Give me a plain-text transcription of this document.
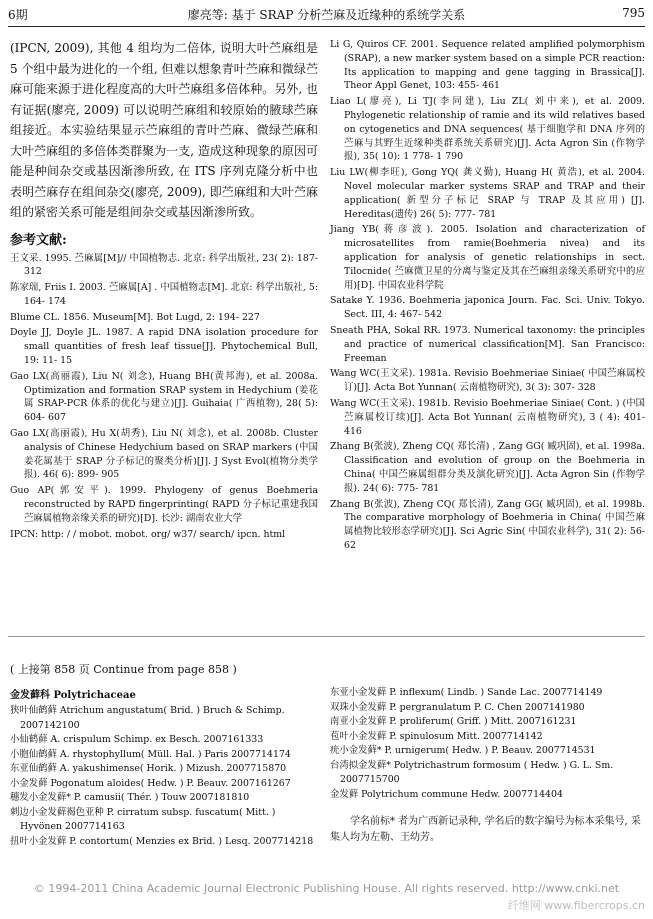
6期	廖亮等: 基于 SRAP 分析苎麻及近缘种的系统学关系	795

(IPCN, 2009), 其他 4 组均为二倍体, 说明大叶苎麻组是 5 个组中最为进化的一个组, 但难以想象青叶苎麻和微绿苎麻可能来源于进化程度高的大叶苎麻组多倍体种。另外, 也有证据(廖亮, 2009) 可以说明苎麻组和较原始的腋球苎麻组接近。本实验结果显示苎麻组的青叶苎麻、微绿苎麻和大叶苎麻组的多倍体类群聚为一支, 造成这种现象的原因可能是种间杂交或基因渐渗所致, 在 ITS 序列克隆分析中也表明苎麻存在组间杂交(廖亮, 2009), 即苎麻组和大叶苎麻组的紧密关系可能是组间杂交或基因渐渗所致。

参考文献:

王文采. 1995. 苎麻属[M]// 中国植物志. 北京: 科学出版社, 23( 2): 187- 312

陈家瑞, Friis I. 2003. 苎麻属[A] . 中国植物志[M]. 北京: 科学出版社, 5: 164- 174

Blume CL. 1856. Museum[M]. Bot Lugd, 2: 194- 227

Doyle JJ, Doyle JL. 1987. A rapid DNA isolation procedure for small quantities of fresh leaf tissue[J]. Phytochemical Bull, 19: 11- 15

Gao LX(高丽霞), Liu N( 刘念), Huang BH(黄邦海), et al. 2008a. Optimization and formation SRAP system in Hedychium (姜花属 SRAP-PCR 体系的优化与建立)[J]. Guihaia( 广西植物), 28( 5): 604- 607

Gao LX(高丽霞), Hu X(胡秀), Liu N( 刘念), et al. 2008b. Cluster analysis of Chinese Hedychium based on SRAP markers (中国姜花属基于 SRAP 分子标记的聚类分析)[J]. J Syst Evol(植物分类学报). 46( 6): 899- 905

Guo AP(郭安平). 1999. Phylogeny of genus Boehmeria reconstructed by RAPD fingerprinting( RAPD 分子标记重建我国苎麻属植物亲缘关系的研究)[D]. 长沙: 湖南农业大学

IPCN: http: / / mobot. mobot. org/ w37/ search/ ipcn. html

Li G, Quiros CF. 2001. Sequence related amplified polymorphism (SRAP), a new marker system based on a simple PCR reaction: Its application to mapping and gene tagging in Brassica[J]. Theor Appl Genet, 103: 455- 461

Liao L(廖亮), Li TJ(李同建), Liu ZL( 刘中来), et al. 2009. Phylogenetic relationship of ramie and its wild relatives based on cytogenetics and DNA sequences( 基于细胞学和 DNA 序列的苎麻与其野生近缘种类群系统关系研究)[J]. Acta Agron Sin (作物学报), 35( 10): 1 778- 1 790

Liu LW(柳李旺), Gong YQ( 龚义勤), Huang H( 黄浩), et al. 2004. Novel molecular marker systems SRAP and TRAP and their application( 新型分子标记 SRAP 与 TRAP 及其应用) [J]. Hereditas(遗传) 26( 5): 777- 781

Jiang YB(蒋彦波). 2005. Isolation and characterization of microsatellites from ramie(Boehmeria nivea) and its application for analysis of genetic relationships in sect. Tilocnide( 苎麻微卫星的分离与鉴定及其在苎麻组亲缘关系研究中的应用)[D]. 中国农业科学院

Satake Y. 1936. Boehmeria japonica Journ. Fac. Sci. Univ. Tokyo. Sect. III, 4: 467- 542

Sneath PHA, Sokal RR. 1973. Numerical taxonomy: the principles and practice of numerical classification[M]. San Francisco: Freeman

Wang WC(王文采). 1981a. Revisio Boehmeriae Siniae( 中国苎麻属校订)[J]. Acta Bot Yunnan( 云南植物研究), 3( 3): 307- 328

Wang WC(王文采). 1981b. Revisio Boehmeriae Siniae( Cont. ) (中国苎麻属校订续)[J]. Acta Bot Yunnan( 云南植物研究), 3 ( 4): 401- 416

Zhang B(张波), Zheng CQ( 郑长清) , Zang GG( 臧巩固), et al. 1998a. Classification and evolution of group on the Boehmeria in China( 中国苎麻属组群分类及演化研究)[J]. Acta Agron Sin (作物学报). 24( 6): 775- 781

Zhang B(张波), Zheng CQ( 郑长清), Zang GG( 臧巩固), et al. 1998b. The comparative morphology of Boehmeria in China( 中国苎麻属植物比较形态学研究)[J]. Sci Agric Sin( 中国农业科学), 31( 2): 56- 62

( 上接第 858 页 Continue from page 858 )
金发藓科 Polytrichaceae

狭叶仙鹤藓 Atrichum angustatum( Brid. ) Bruch & Schimp. 2007142100

小仙鹤藓 A. crispulum Schimp. ex Besch. 2007161333

小胞仙鹤藓 A. rhystophyllum( Müll. Hal. ) Paris 2007714174

东亚仙鹤藓 A. yakushimense( Horik. ) Mizush. 2007715870

小金发藓 Pogonatum aloides( Hedw. ) P. Beauv. 2007161267

穗发小金发藓* P. camusii( Thér. ) Touw 2007181810

刺边小金发藓褐色亚种 P. cirratum subsp. fuscatum( Mitt. ) Hyvönen 2007714163

扭叶小金发藓 P. contortum( Menzies ex Brid. ) Lesq. 2007714218

东亚小金发藓 P. inflexum( Lindb. ) Sande Lac. 2007714149

双珠小金发藓 P. pergranulatum P. C. Chen 2007141980

南亚小金发藓 P. proliferum( Griff. ) Mitt. 2007161231

苞叶小金发藓 P. spinulosum Mitt. 2007714142

疣小金发藓* P. urnigerum( Hedw. ) P. Beauv. 2007714531

台湾拟金发藓* Polytrichastrum formosum ( Hedw. ) G. L. Sm. 2007715700

金发藓 Polytrichum commune Hedw. 2007714404

学名前标* 者为广西新记录种, 学名后的数字编号为标本采集号, 采集人均为左勒、王幼芳。
© 1994-2011 China Academic Journal Electronic Publishing House. All rights reserved. http://www.cnki.net
纤维网 www.fibercrops.cn
